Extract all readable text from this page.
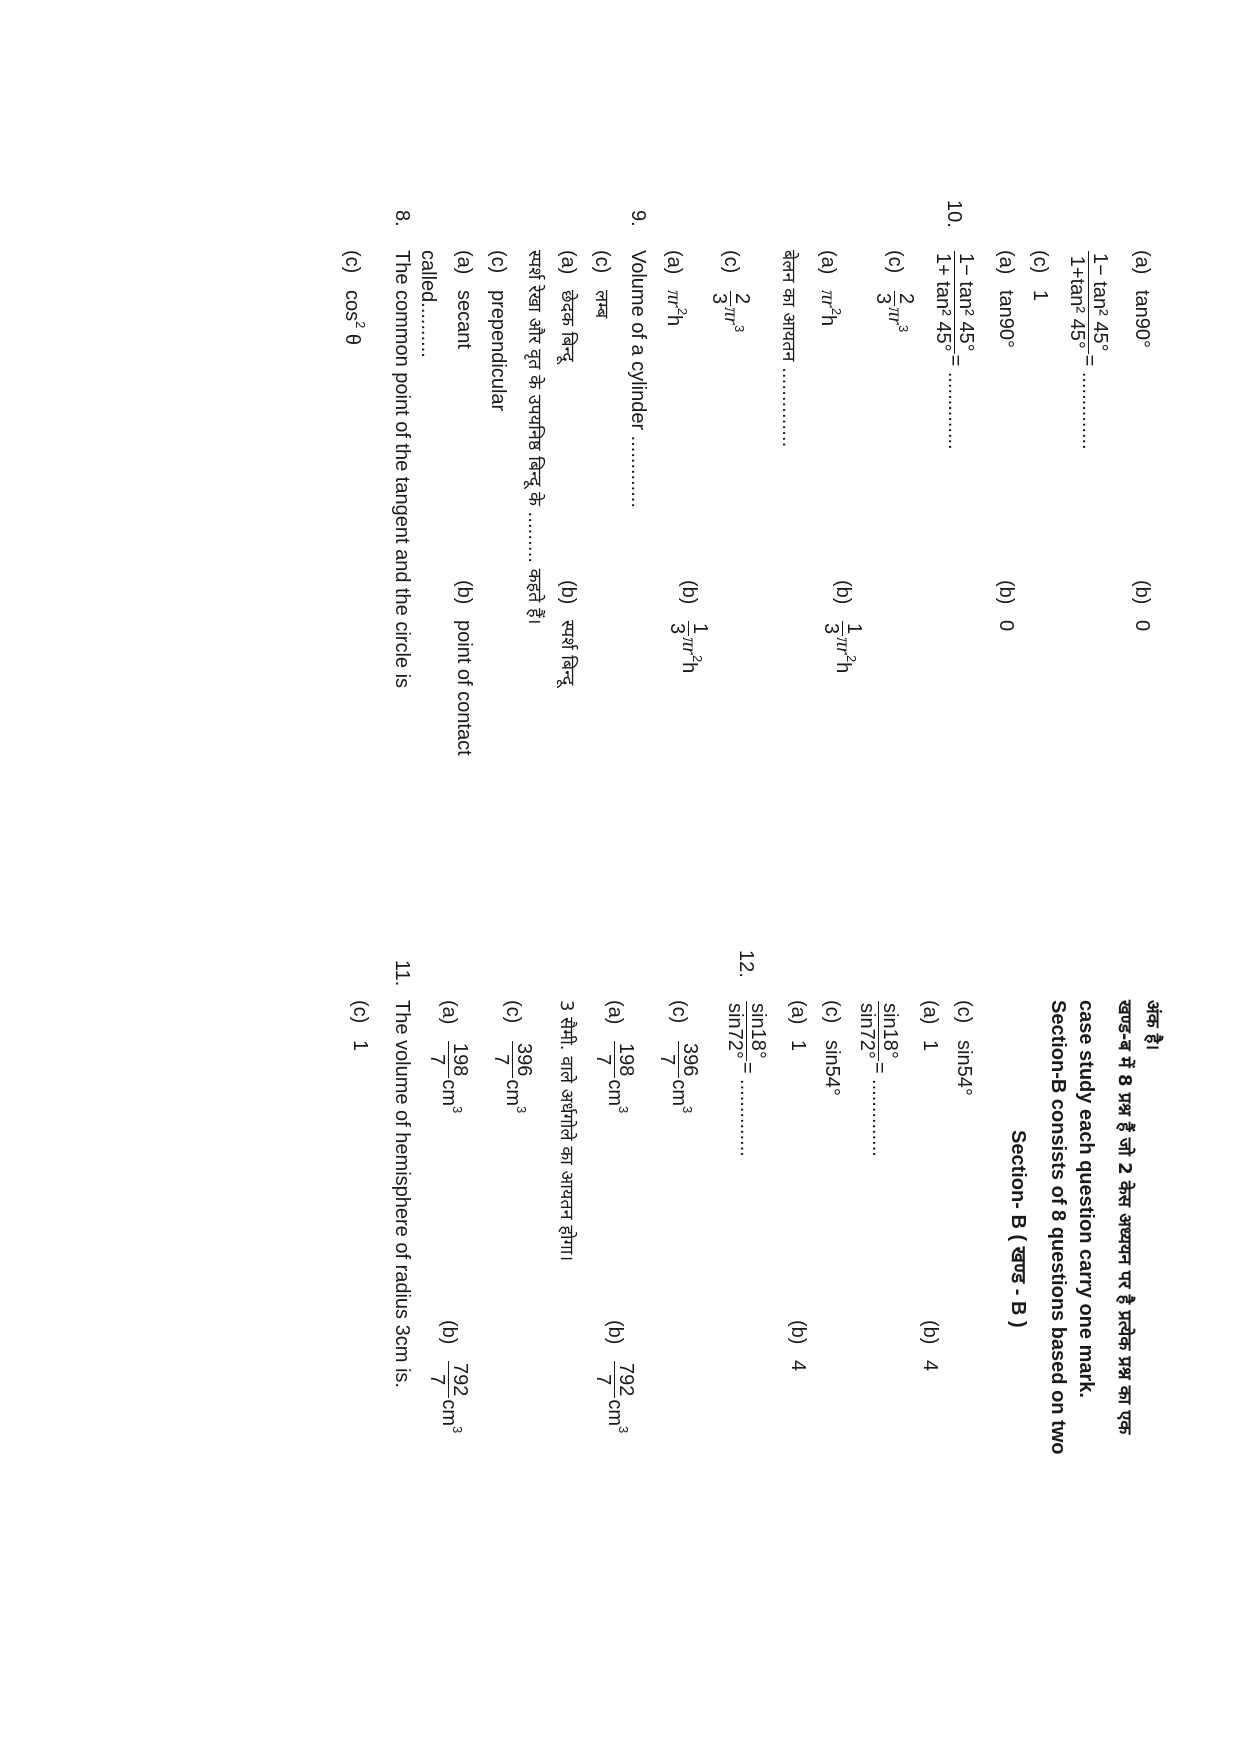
$(c)\cos^2$ θ
8.The common point of the tangent and the circle is called.......... (a)secant
(b)point of contact
(c)prependicular स्पर्श रेखा और वृत के उपयनिष्ठ बिन्दू के ......... कहते हैं। (a)छेदक बिन्दू
(b)स्पर्श बिन्दू
(c)लम्ब
9.Volume of a cylinder ............. $(a)\pi r^2h$
(b)
1
3
$\pi r^2h$
(c)
2
3
$\pi r^3$	बेलन का आयतन .............. $(a)\pi r^2h$
(b)
1
3
$\pi r^2h$
(c)
2
3
$\pi r^3$
10.
1− tan² 45°
1+ tan² 45°
= ..............
(a)tan90°
(b)0
(c)1 1− tan² 45°
1+tan² 45°
= ..............
(a)tan90°
(b)0
(c)1
11.The volume of hemisphere of radius 3cm is.	(a)
198
7
$cm^3$
(b)
792
7
$cm^3$
(c)
396
7
$cm^3$	3 सैमी. वाले अर्धगोले का आयतन होगा।	(a)
198
7
$cm^3$
(b)
792
7
$cm^3$
(c)
396
7
$cm^3$
12.
sin18°
sin72°
= ..............
(a)1
(b)4
(c)sin54°
sin18°
sin72°
= ..............
(a)1
(b)4
(c)sin54°
Section- B ( खण्ड - B ) Section-B consists of 8 questions based on two case study each question carry one mark. खण्ड-ब में 8 प्रश्न हैं जो 2 केस अध्ययन पर है प्रत्येक प्रश्न का एक अंक है।
